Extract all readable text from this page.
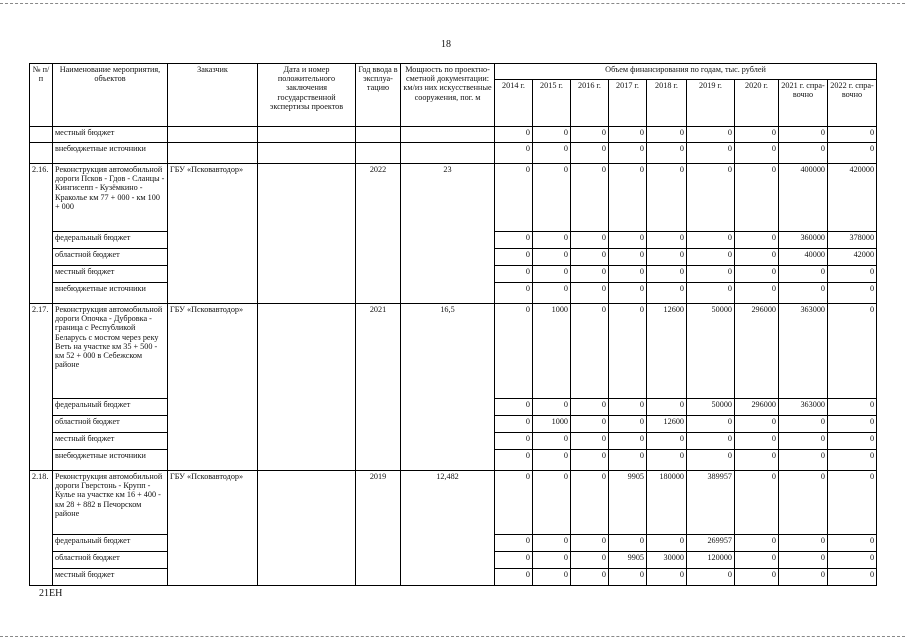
18
№ п/п	Наименование мероприятия, объектов	Заказчик	Дата и номер положительного заключения государственной экспертизы проектов	Год ввода в эксплуа-тацию	Мощность по проектно-сметной документации: км/из них искусственные сооружения, пог. м	Объем финансирования по годам, тыс. рублей								
						2014 г.	2015 г.	2016 г.	2017 г.	2018 г.	2019 г.	2020 г.	2021 г. спра-вочно	2022 г. спра-вочно
	местный бюджет					0	0	0	0	0	0	0	0	0
	внебюджетные источники					0	0	0	0	0	0	0	0	0
2.16.	Реконструкция автомобильной дороги Псков - Гдов - Сланцы - Кингисепп - Кузёмкино - Краколье км 77 + 000 - км 100 + 000	ГБУ «Псковавтодор»		2022	23	0	0	0	0	0	0	0	400000	420000
	федеральный бюджет					0	0	0	0	0	0	0	360000	378000
	областной бюджет					0	0	0	0	0	0	0	40000	42000
	местный бюджет					0	0	0	0	0	0	0	0	0
	внебюджетные источники					0	0	0	0	0	0	0	0	0
2.17.	Реконструкция автомобильной дороги Опочка - Дубровка - граница с Республикой Беларусь с мостом через реку Веть на участке км 35 + 500 - км 52 + 000 в Себежском районе	ГБУ «Псковавтодор»		2021	16,5	0	1000	0	0	12600	50000	296000	363000	0
	федеральный бюджет					0	0	0	0	0	50000	296000	363000	0
	областной бюджет					0	1000	0	0	12600	0	0	0	0
	местный бюджет					0	0	0	0	0	0	0	0	0
	внебюджетные источники					0	0	0	0	0	0	0	0	0
2.18.	Реконструкция автомобильной дороги Гверстонь - Крупп - Кулье на участке км 16 + 400 - км 28 + 882 в Печорском районе	ГБУ «Псковавтодор»		2019	12,482	0	0	0	9905	180000	389957	0	0	0
	федеральный бюджет					0	0	0	0	0	269957	0	0	0
	областной бюджет					0	0	0	9905	30000	120000	0	0	0
	местный бюджет					0	0	0	0	0	0	0	0	0
21ЕН
